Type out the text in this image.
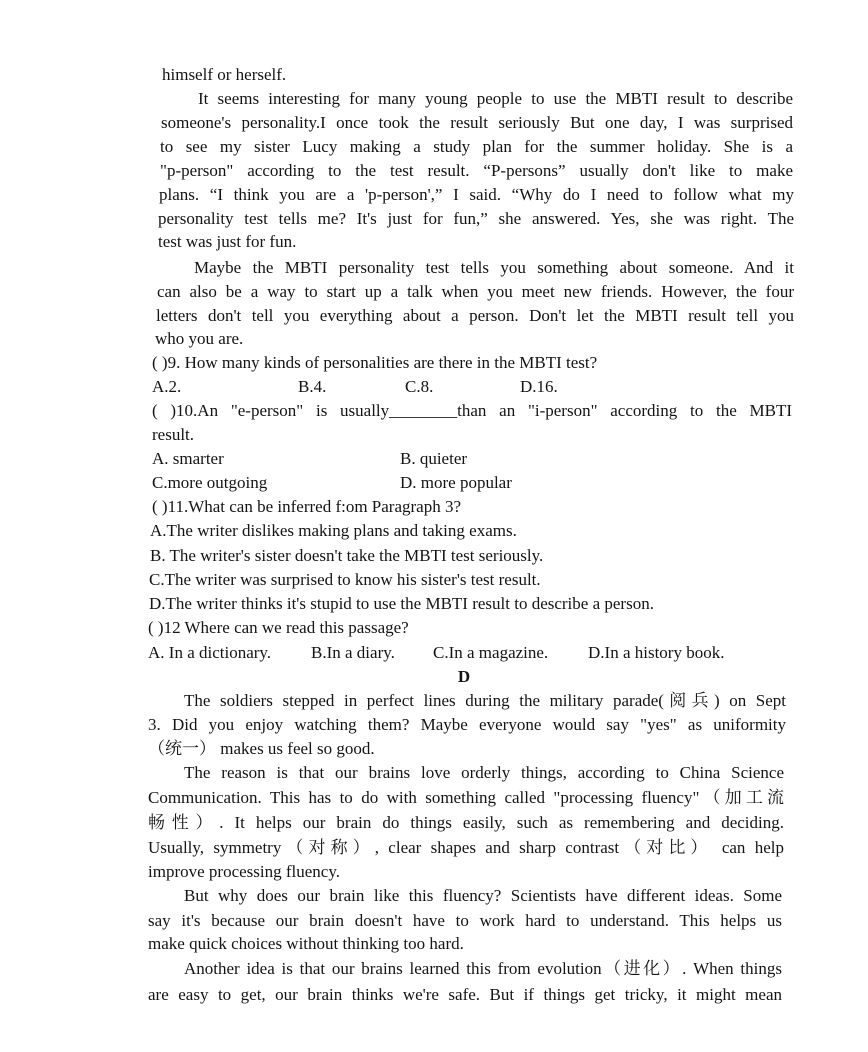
himself or herself.
It seems interesting for many young people to use the MBTI result to describe
someone's personality.I once took the result seriously But one day, I was surprised
to see my sister Lucy making a study plan for the summer holiday. She is a
"p-person" according to the test result. “P-persons” usually don't like to make
plans. “I think you are a 'p-person',” I said. “Why do I need to follow what my
personality test tells me? It's just for fun,” she answered. Yes, she was right. The
test was just for fun.
Maybe the MBTI personality test tells you something about someone. And it
can also be a way to start up a talk when you meet new friends. However, the four
letters don't tell you everything about a person. Don't let the MBTI result tell you
who you are.
( )9. How many kinds of personalities are there in the MBTI test?
A.2.	B.4.	C.8.	D.16.
( )10.An "e-person" is usually________than an "i-person" according to the MBTI
result.
A. smarter	B. quieter
C.more outgoing	D. more popular
( )11.What can be inferred f:om Paragraph 3?
A.The writer dislikes making plans and taking exams.
B. The writer's sister doesn't take the MBTI test seriously.
C.The writer was surprised to know his sister's test result.
D.The writer thinks it's stupid to use the MBTI result to describe a person.
( )12 Where can we read this passage?
A. In a dictionary. B.In a diary. C.In a magazine. D.In a history book.
D
The soldiers stepped in perfect lines during the military parade(阅兵) on Sept
3. Did you enjoy watching them? Maybe everyone would say "yes" as uniformity
（统一） makes us feel so good.
The reason is that our brains love orderly things, according to China Science
Communication. This has to do with something called "processing fluency"（加工流
畅性）. It helps our brain do things easily, such as remembering and deciding.
Usually, symmetry（对称）, clear shapes and sharp contrast（对比） can help
improve processing fluency.
But why does our brain like this fluency? Scientists have different ideas. Some
say it's because our brain doesn't have to work hard to understand. This helps us
make quick choices without thinking too hard.
Another idea is that our brains learned this from evolution（进化）. When things
are easy to get, our brain thinks we're safe. But if things get tricky, it might mean
